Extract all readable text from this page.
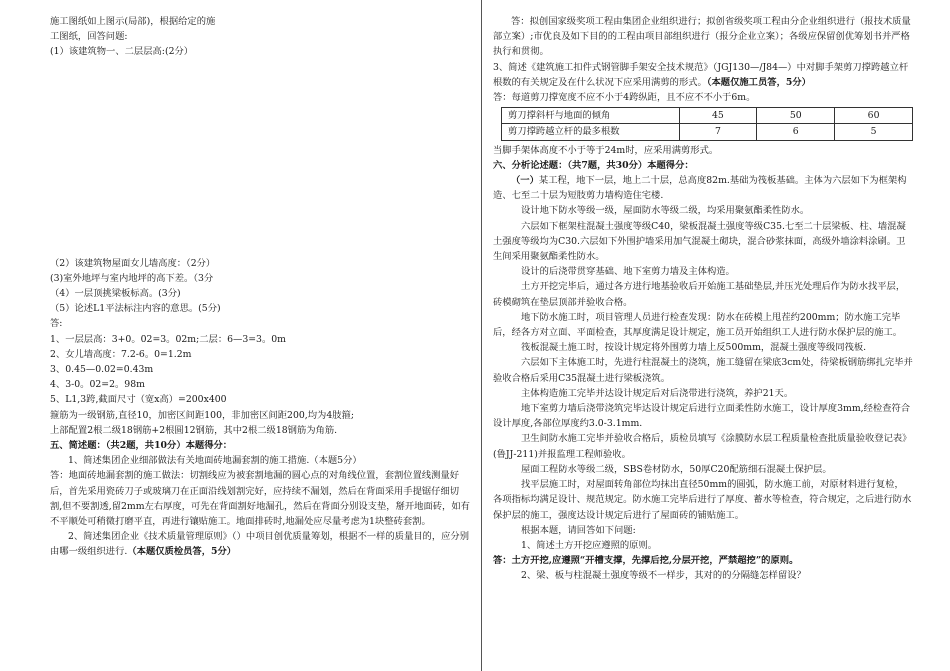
施工图纸如上图示(局部)，根据给定的施

工图纸，回答问题:

(1）该建筑物一、二层层高:(2分）

（2）该建筑物屋面女儿墙高度：（2分）

(3)室外地坪与室内地坪的高下差。（3分

（4）一层顶挑梁板标高。(3分)

（5）论述L1平法标注内容的意思。(5分)

答:

1、一层层高：3+0。02=3。02m;二层：6—3=3。0m

2、女儿墙高度：7.2-6。0=1.2m

3、0.45—0.02=0.43m

4、3-0。02=2。98m

5、L1,3跨,截面尺寸（宽x高）=200x400

箍筋为一级钢筋,直径10，加密区间距100，非加密区间距200,均为4肢箍;

上部配置2根二级18钢筋+2根圆12钢筋，其中2根二级18钢筋为角筋.

五、简述题：（共2题，共10分）本题得分：

1、简述集团企业细部做法有关地面砖地漏套割的施工措施.（本题5分）

答：地面砖地漏套割的施工做法：切割线应为被套割地漏的圆心点的对角线位置，套割位置线测量好后，首先采用瓷砖刀子或玻璃刀在正面沿线划割完好，应持续不漏划，然后在背面采用手提锯仔细切割,但不要割透,留2mm左右厚度，可先在背面割好地漏孔，然后在背面分别设支垫，掰开地面砖，如有不平顺处可稍微打磨平直，再进行镶贴施工。地面排砖时,地漏处应尽量考虑为1块整砖套割。

2、简述集团企业《技术质量管理原则》（）中项目创优质量筹划，根据不一样的质量目的，应分别由哪一级组织进行.（本题仅质检员答，5分）

答：拟创国家级奖项工程由集团企业组织进行；拟创省级奖项工程由分企业组织进行（报技术质量部立案）;市优良及如下目的的工程由项目部组织进行（报分企业立案）；各级应保留创优筹划书并严格执行和贯彻。

3、简述《建筑施工扣件式钢管脚手架安全技术规范》（JGJ130—/J84—）中对脚手架剪刀撑跨越立杆根数的有关规定及在什么状况下应采用满剪的形式。（本题仅施工员答，5分）

答：每道剪刀撑宽度不应不小于4跨纵距，且不应不不小于6m。

剪刀撑斜杆与地面的倾角	45	50	60
剪刀撑跨越立杆的最多根数	7	6	5

当脚手架体高度不小于等于24m时，应采用满剪形式。

六、分析论述题：（共7题，共30分）本题得分：

（一）某工程，地下一层，地上二十层，总高度82m.基础为筏板基础。主体为六层如下为框架构造、七至二十层为短肢剪力墙构造住宅楼.

设计地下防水等级一级，屋面防水等级二级，均采用聚氨酯柔性防水。

六层如下框架柱混凝土强度等级C40，梁板混凝土强度等级C35.七至二十层梁板、柱、墙混凝土强度等级均为C30.六层如下外围护墙采用加气混凝土砌块，混合砂浆抹面，高级外墙涂料涂刷。卫生间采用聚氨酯柔性防水。

设计的后浇带贯穿基础、地下室剪力墙及主体构造。

土方开挖完毕后，通过各方进行地基验收后开始施工基础垫层,并压光处理后作为防水找平层，砖模砌筑在垫层顶部并验收合格。

地下防水施工时，项目管理人员进行检查发现：防水在砖模上甩茬约200mm；防水施工完毕后，经各方对立面、平面检查，其厚度满足设计规定，施工员开始组织工人进行防水保护层的施工。

筏板混凝土施工时，按设计规定将外围剪力墙上反500mm，混凝土强度等级同筏板.

六层如下主体施工时，先进行柱混凝土的浇筑，施工缝留在梁底3cm处，待梁板钢筋绑扎完毕并验收合格后采用C35混凝土进行梁板浇筑。

主体构造施工完毕并达设计规定后对后浇带进行浇筑，养护21天。

地下室剪力墙后浇带浇筑完毕达设计规定后进行立面柔性防水施工，设计厚度3mm,经检查符合设计厚度,各部位厚度约3.0-3.1mm.

卫生间防水施工完毕并验收合格后，质检员填写《涂膜防水层工程质量检查批质量验收登记表》(鲁JJ-211)并报监理工程师验收。

屋面工程防水等级二级，SBS卷材防水，50厚C20配筋细石混凝土保护层。

找平层施工时，对屋面转角部位均抹出直径50mm的圆弧，防水施工前，对原材料进行复检，各项指标均满足设计、规范规定。防水施工完毕后进行了厚度、蓄水等检查，符合规定，之后进行防水保护层的施工，强度达设计规定后进行了屋面砖的铺贴施工。

根据本题，请回答如下问题:

1、简述土方开挖应遵照的原则。

答：土方开挖,应遵照“开槽支撑，先撑后挖,分层开挖，严禁超挖”的原则。

2、梁、板与柱混凝土强度等级不一样步，其对的的分隔缝怎样留设？
